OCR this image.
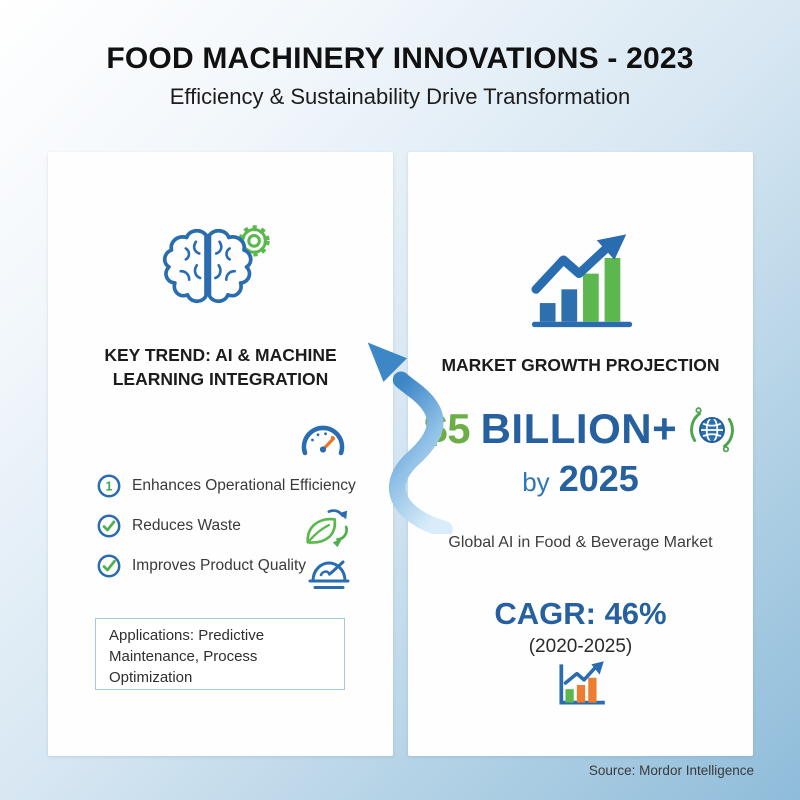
FOOD MACHINERY INNOVATIONS - 2023
Efficiency & Sustainability Drive Transformation
KEY TREND: AI & MACHINE LEARNING INTEGRATION
1 Enhances Operational Efficiency
Reduces Waste
Improves Product Quality
Applications: Predictive Maintenance, Process Optimization
MARKET GROWTH PROJECTION
$5 BILLION+
by 2025
Global AI in Food & Beverage Market
CAGR: 46%
(2020-2025)
Source: Mordor Intelligence
